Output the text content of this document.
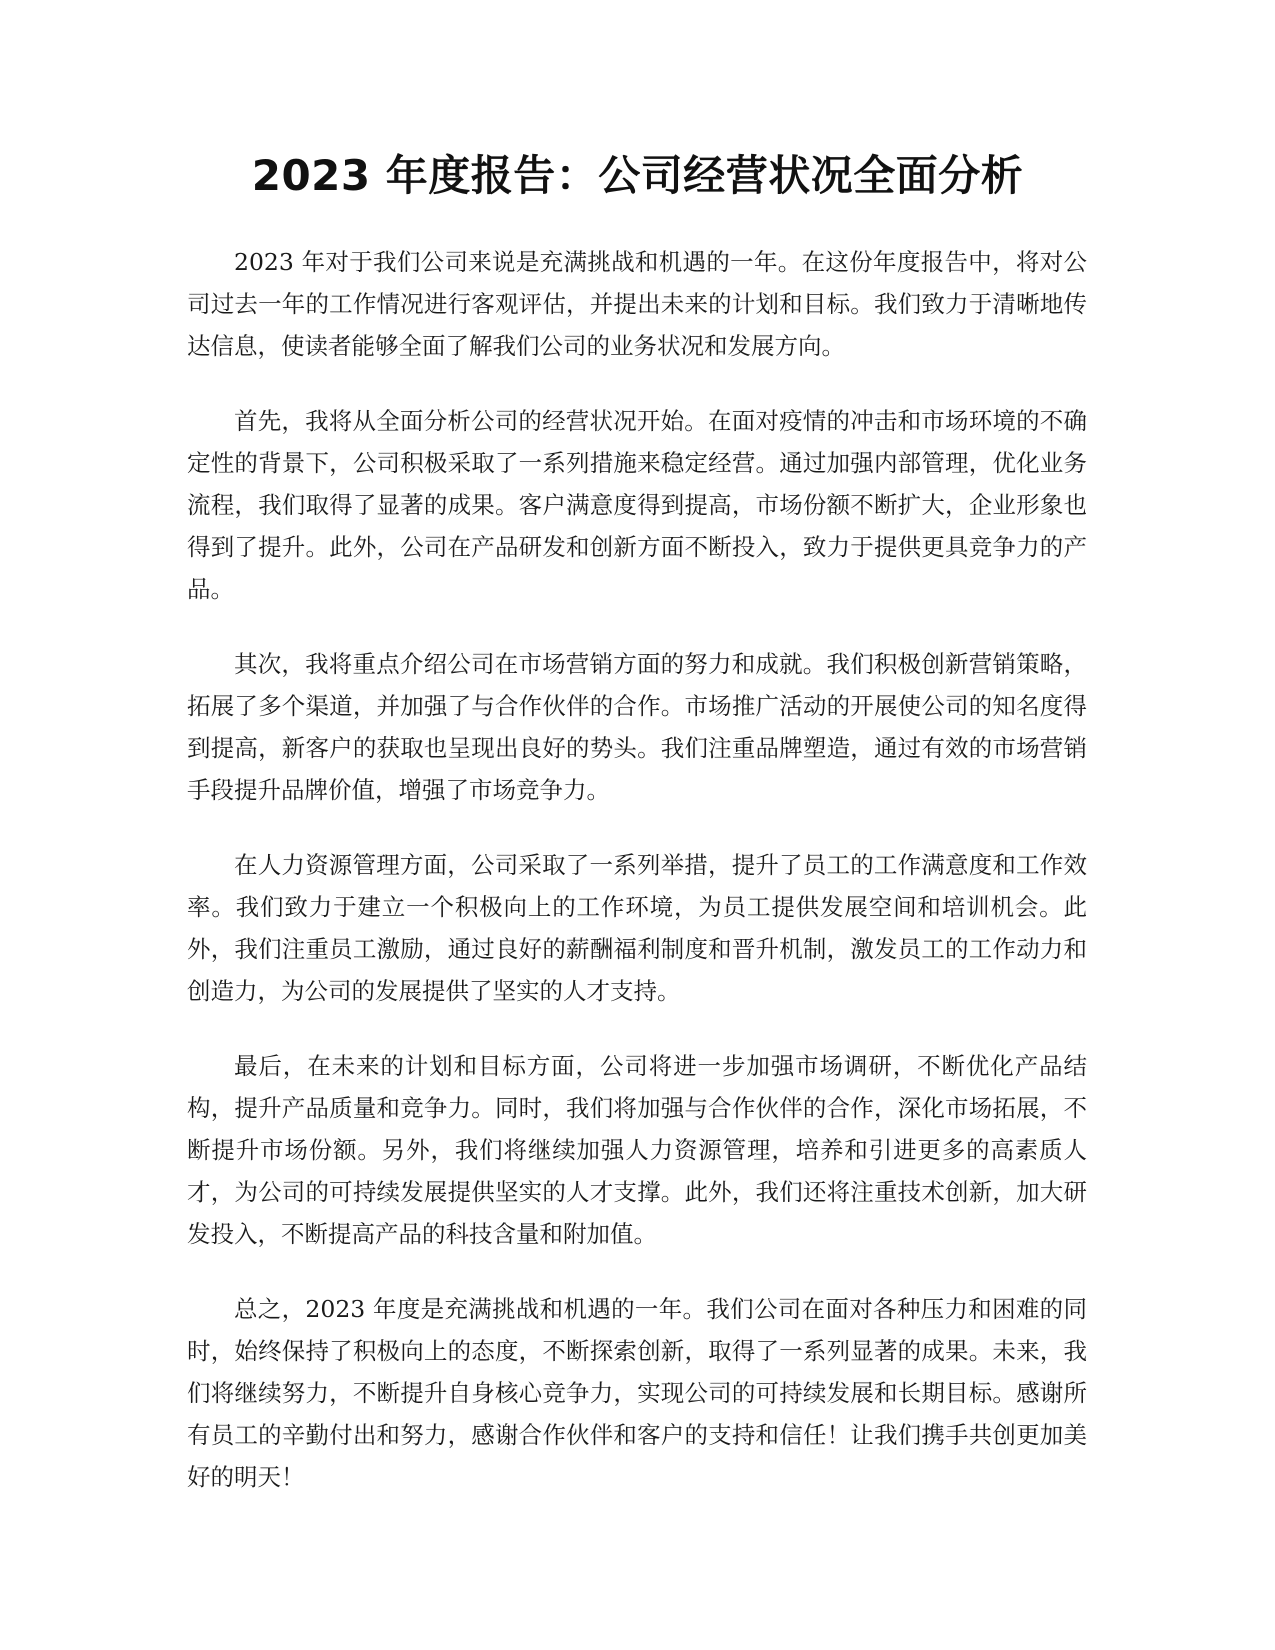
2023 年度报告：公司经营状况全面分析

2023 年对于我们公司来说是充满挑战和机遇的一年。在这份年度报告中，将对公司过去一年的工作情况进行客观评估，并提出未来的计划和目标。我们致力于清晰地传达信息，使读者能够全面了解我们公司的业务状况和发展方向。

首先，我将从全面分析公司的经营状况开始。在面对疫情的冲击和市场环境的不确定性的背景下，公司积极采取了一系列措施来稳定经营。通过加强内部管理，优化业务流程，我们取得了显著的成果。客户满意度得到提高，市场份额不断扩大，企业形象也得到了提升。此外，公司在产品研发和创新方面不断投入，致力于提供更具竞争力的产品。

其次，我将重点介绍公司在市场营销方面的努力和成就。我们积极创新营销策略，拓展了多个渠道，并加强了与合作伙伴的合作。市场推广活动的开展使公司的知名度得到提高，新客户的获取也呈现出良好的势头。我们注重品牌塑造，通过有效的市场营销手段提升品牌价值，增强了市场竞争力。

在人力资源管理方面，公司采取了一系列举措，提升了员工的工作满意度和工作效率。我们致力于建立一个积极向上的工作环境，为员工提供发展空间和培训机会。此外，我们注重员工激励，通过良好的薪酬福利制度和晋升机制，激发员工的工作动力和创造力，为公司的发展提供了坚实的人才支持。

最后，在未来的计划和目标方面，公司将进一步加强市场调研，不断优化产品结构，提升产品质量和竞争力。同时，我们将加强与合作伙伴的合作，深化市场拓展，不断提升市场份额。另外，我们将继续加强人力资源管理，培养和引进更多的高素质人才，为公司的可持续发展提供坚实的人才支撑。此外，我们还将注重技术创新，加大研发投入，不断提高产品的科技含量和附加值。

总之，2023 年度是充满挑战和机遇的一年。我们公司在面对各种压力和困难的同时，始终保持了积极向上的态度，不断探索创新，取得了一系列显著的成果。未来，我们将继续努力，不断提升自身核心竞争力，实现公司的可持续发展和长期目标。感谢所有员工的辛勤付出和努力，感谢合作伙伴和客户的支持和信任！让我们携手共创更加美好的明天！
